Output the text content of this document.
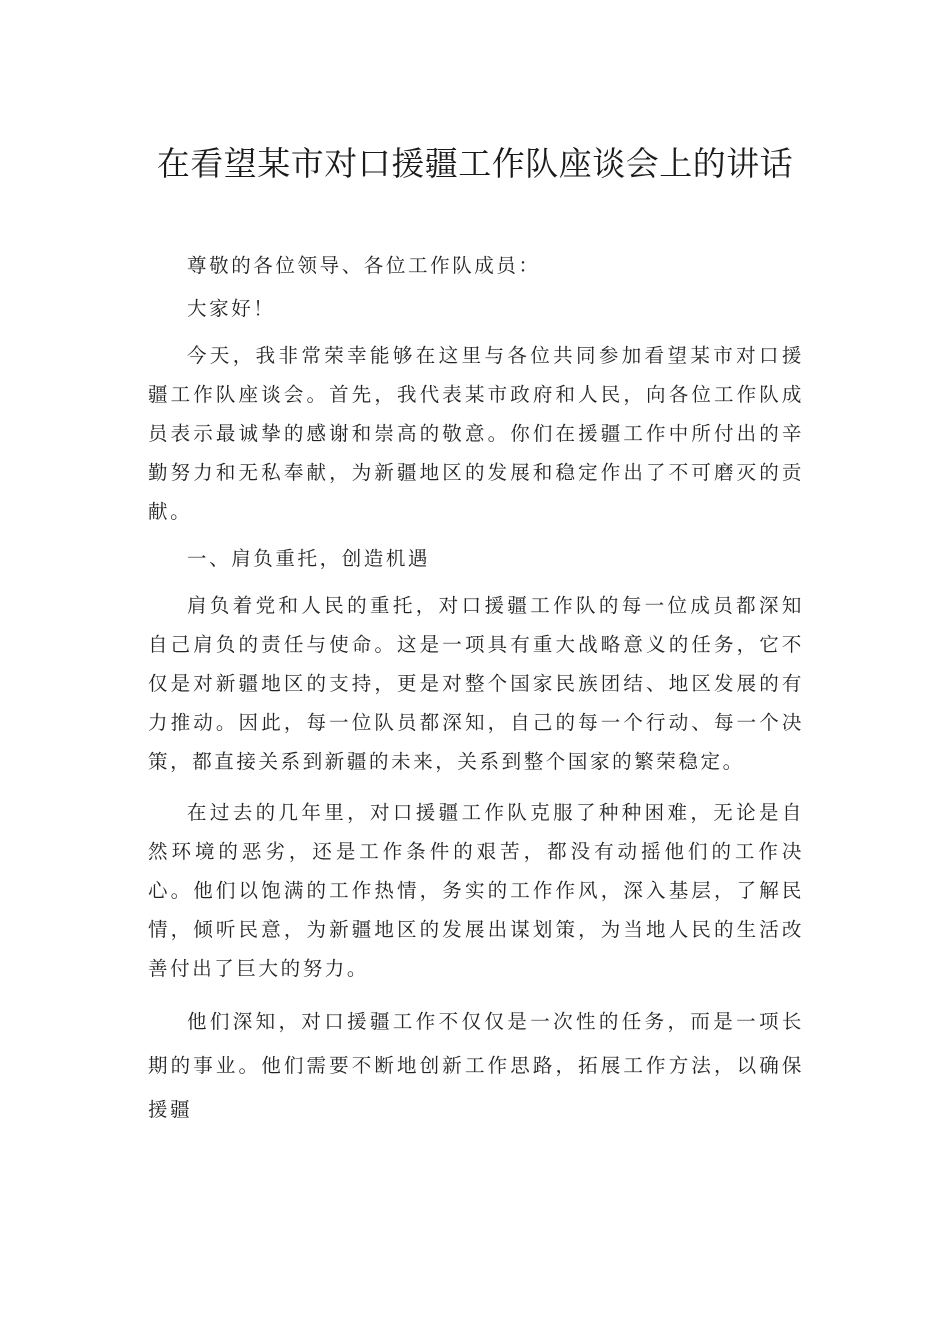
在看望某市对口援疆工作队座谈会上的讲话

尊敬的各位领导、各位工作队成员：

大家好！

今天，我非常荣幸能够在这里与各位共同参加看望某市对口援疆工作队座谈会。首先，我代表某市政府和人民，向各位工作队成员表示最诚挚的感谢和崇高的敬意。你们在援疆工作中所付出的辛勤努力和无私奉献，为新疆地区的发展和稳定作出了不可磨灭的贡献。

一、肩负重托，创造机遇

肩负着党和人民的重托，对口援疆工作队的每一位成员都深知自己肩负的责任与使命。这是一项具有重大战略意义的任务，它不仅是对新疆地区的支持，更是对整个国家民族团结、地区发展的有力推动。因此，每一位队员都深知，自己的每一个行动、每一个决策，都直接关系到新疆的未来，关系到整个国家的繁荣稳定。

在过去的几年里，对口援疆工作队克服了种种困难，无论是自然环境的恶劣，还是工作条件的艰苦，都没有动摇他们的工作决心。他们以饱满的工作热情，务实的工作作风，深入基层，了解民情，倾听民意，为新疆地区的发展出谋划策，为当地人民的生活改善付出了巨大的努力。

他们深知，对口援疆工作不仅仅是一次性的任务，而是一项长期的事业。他们需要不断地创新工作思路，拓展工作方法，以确保援疆
